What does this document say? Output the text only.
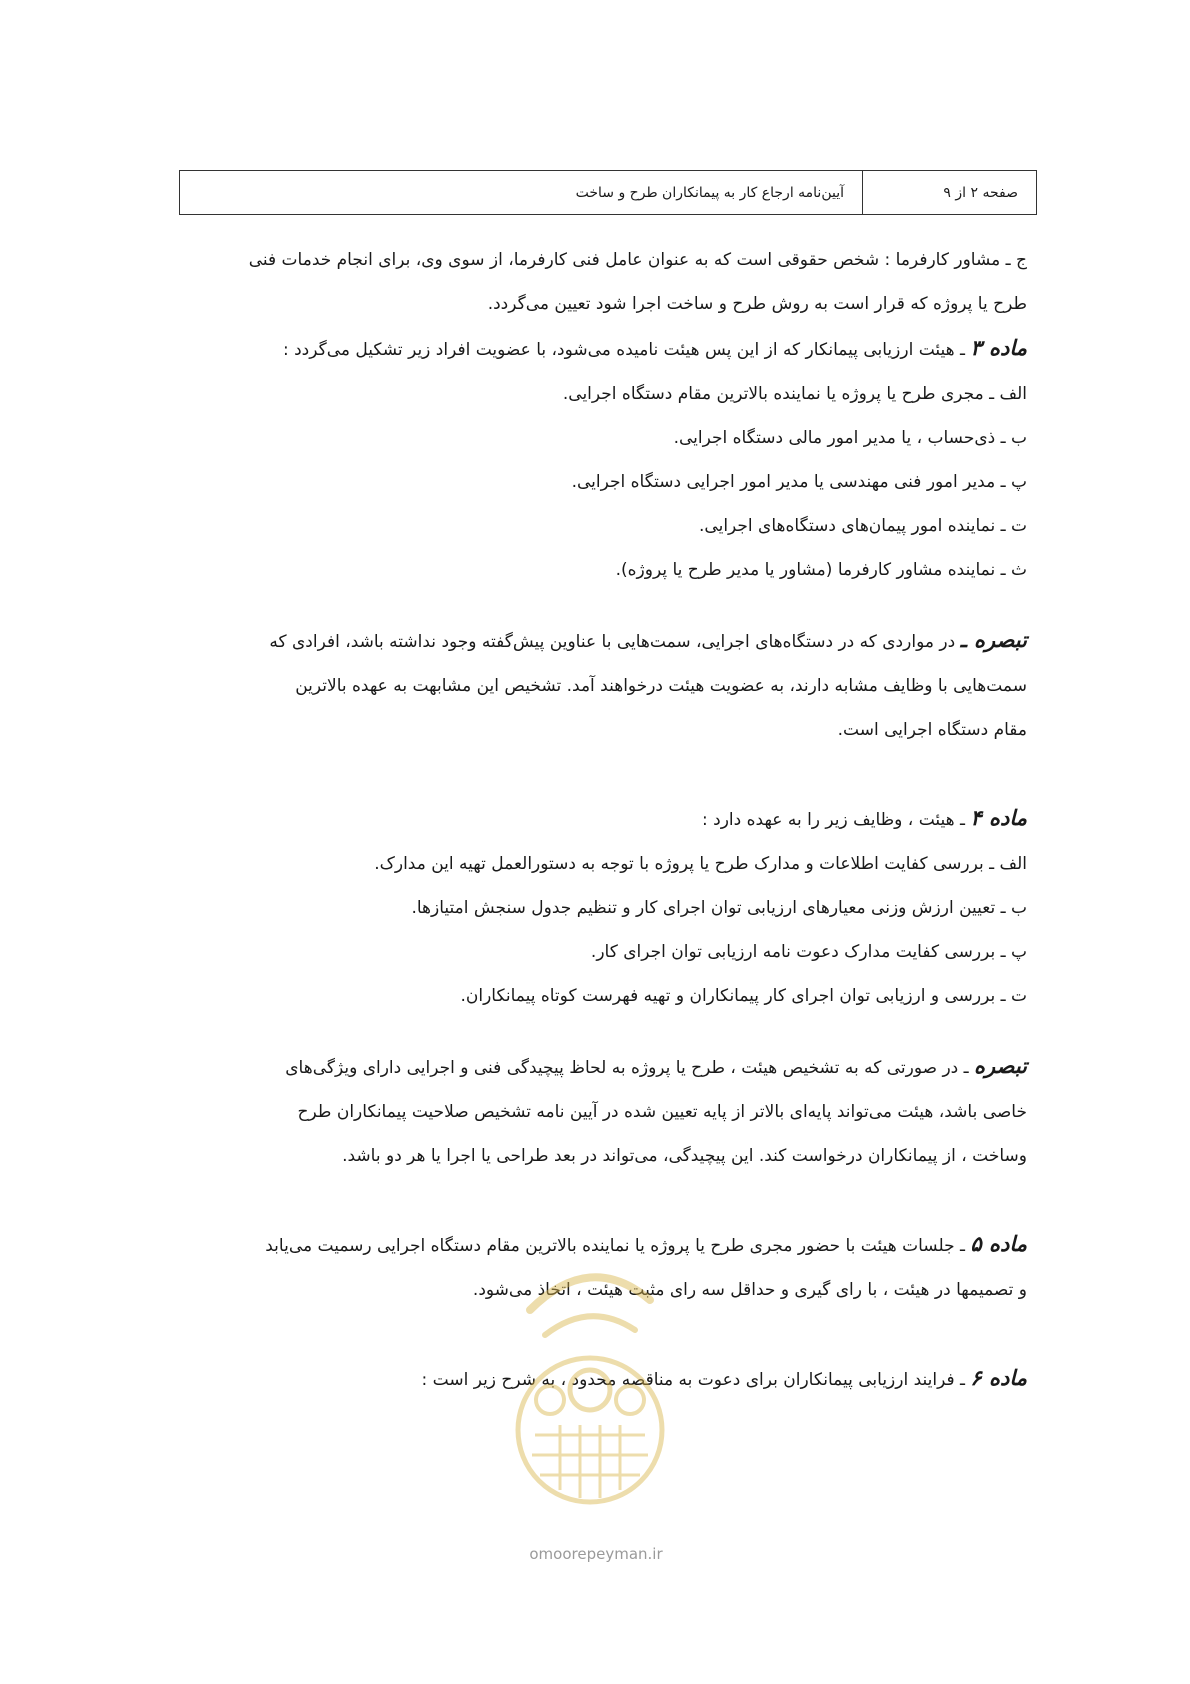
صفحه ۲ از ۹
آیین‌نامه ارجاع کار به پیمانکاران طرح و ساخت

ج ـ مشاور کارفرما : شخص حقوقی است که به عنوان عامل فنی کارفرما، از سوی وی، برای انجام خدمات فنی

طرح یا پروژه که قرار است به روش طرح و ساخت اجرا شود تعیین می‌گردد.

ماده ۳ ـ هیئت ارزیابی پیمانکار که از این پس هیئت نامیده می‌شود، با عضویت افراد زیر تشکیل می‌گردد :

الف ـ مجری طرح یا پروژه یا نماینده بالاترین مقام دستگاه اجرایی.

ب ـ ذی‌حساب ، یا مدیر امور مالی دستگاه اجرایی.

پ ـ مدیر امور فنی مهندسی یا مدیر امور اجرایی دستگاه اجرایی.

ت ـ نماینده امور پیمان‌های دستگاه‌های اجرایی.

ث ـ نماینده مشاور کارفرما (مشاور یا مدیر طرح یا پروژه).

تبصره ـ در مواردی که در دستگاه‌های اجرایی، سمت‌هایی با عناوین پیش‌گفته وجود نداشته باشد، افرادی که

سمت‌هایی با وظایف مشابه دارند، به عضویت هیئت درخواهند آمد. تشخیص این مشابهت به عهده بالاترین

مقام دستگاه اجرایی است.

ماده ۴ ـ هیئت ، وظایف زیر را به عهده دارد :

الف ـ بررسی کفایت اطلاعات و مدارک طرح یا پروژه با توجه به دستورالعمل تهیه این مدارک.

ب ـ تعیین ارزش وزنی معیارهای ارزیابی توان اجرای کار و تنظیم جدول سنجش امتیازها.

پ ـ بررسی کفایت مدارک دعوت نامه ارزیابی توان اجرای کار.

ت ـ بررسی و ارزیابی توان اجرای کار پیمانکاران و تهیه فهرست کوتاه پیمانکاران.

تبصره ـ در صورتی که به تشخیص هیئت ، طرح یا پروژه به لحاظ پیچیدگی فنی و اجرایی دارای ویژگی‌های

خاصی باشد، هیئت می‌تواند پایه‌ای بالاتر از پایه تعیین شده در آیین نامه تشخیص صلاحیت پیمانکاران طرح

وساخت ، از پیمانکاران درخواست کند. این پیچیدگی، می‌تواند در بعد طراحی یا اجرا یا هر دو باشد.

ماده ۵ ـ جلسات هیئت با حضور مجری طرح یا پروژه یا نماینده بالاترین مقام دستگاه اجرایی رسمیت می‌یابد

و تصمیمها در هیئت ، با رای گیری و حداقل سه رای مثبت هیئت ، اتخاذ می‌شود.

ماده ۶ ـ فرایند ارزیابی پیمانکاران برای دعوت به مناقصه محدود ، به شرح زیر است :

omoorepeyman.ir
